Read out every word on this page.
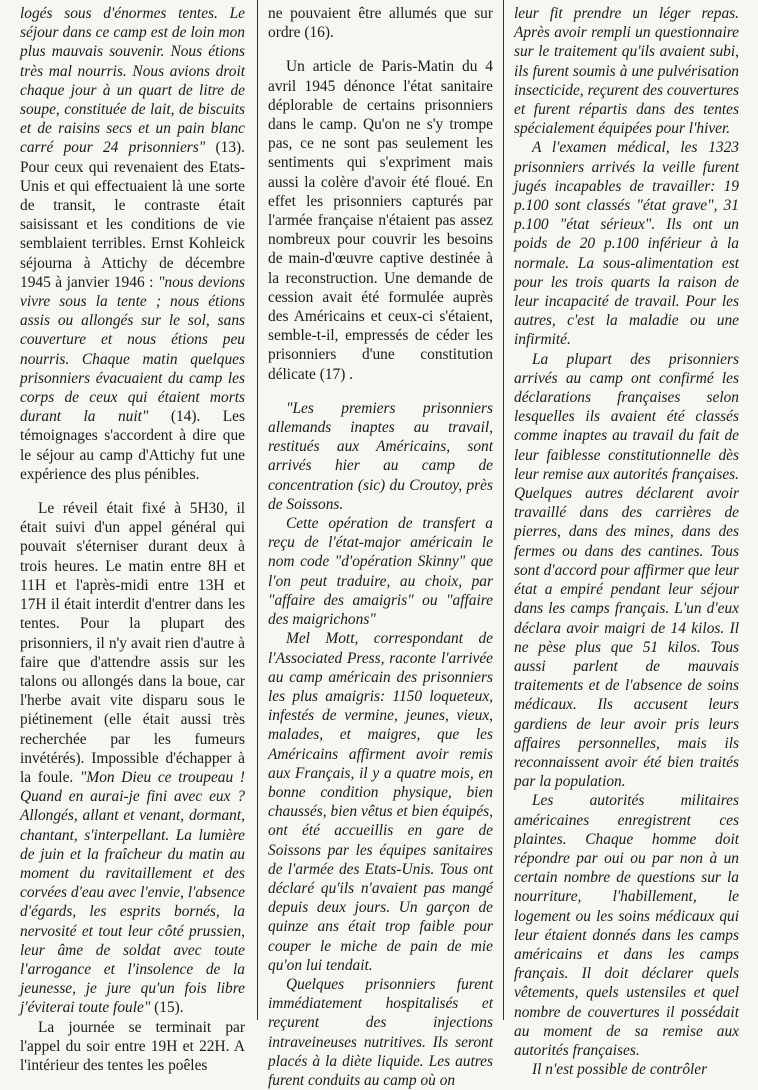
logés sous d'énormes tentes. Le séjour dans ce camp est de loin mon plus mauvais souvenir. Nous étions très mal nourris. Nous avions droit chaque jour à un quart de litre de soupe, constituée de lait, de biscuits et de raisins secs et un pain blanc carré pour 24 prisonniers" (13). Pour ceux qui revenaient des Etats-Unis et qui effectuaient là une sorte de transit, le contraste était saisissant et les conditions de vie semblaient terribles. Ernst Kohleick séjourna à Attichy de décembre 1945 à janvier 1946 : "nous devions vivre sous la tente ; nous étions assis ou allongés sur le sol, sans couverture et nous étions peu nourris. Chaque matin quelques prisonniers évacuaient du camp les corps de ceux qui étaient morts durant la nuit" (14). Les témoignages s'accordent à dire que le séjour au camp d'Attichy fut une expérience des plus pénibles.

Le réveil était fixé à 5H30, il était suivi d'un appel général qui pouvait s'éterniser durant deux à trois heures. Le matin entre 8H et 11H et l'après-midi entre 13H et 17H il était interdit d'entrer dans les tentes. Pour la plupart des prisonniers, il n'y avait rien d'autre à faire que d'attendre assis sur les talons ou allongés dans la boue, car l'herbe avait vite disparu sous le piétinement (elle était aussi très recherchée par les fumeurs invétérés). Impossible d'échapper à la foule. "Mon Dieu ce troupeau ! Quand en aurai-je fini avec eux ? Allongés, allant et venant, dormant, chantant, s'interpellant. La lumière de juin et la fraîcheur du matin au moment du ravitaillement et des corvées d'eau avec l'envie, l'absence d'égards, les esprits bornés, la nervosité et tout leur côté prussien, leur âme de soldat avec toute l'arrogance et l'insolence de la jeunesse, je jure qu'un fois libre j'éviterai toute foule" (15).

La journée se terminait par l'appel du soir entre 19H et 22H. A l'intérieur des tentes les poêles

ne pouvaient être allumés que sur ordre (16).

Un article de Paris-Matin du 4 avril 1945 dénonce l'état sanitaire déplorable de certains prisonniers dans le camp. Qu'on ne s'y trompe pas, ce ne sont pas seulement les sentiments qui s'expriment mais aussi la colère d'avoir été floué. En effet les prisonniers capturés par l'armée française n'étaient pas assez nombreux pour couvrir les besoins de main-d'œuvre captive destinée à la reconstruction. Une demande de cession avait été formulée auprès des Américains et ceux-ci s'étaient, semble-t-il, empressés de céder les prisonniers d'une constitution délicate (17) .

"Les premiers prisonniers allemands inaptes au travail, restitués aux Américains, sont arrivés hier au camp de concentration (sic) du Croutoy, près de Soissons.

Cette opération de transfert a reçu de l'état-major américain le nom code "d'opération Skinny" que l'on peut traduire, au choix, par "affaire des amaigris" ou "affaire des maigrichons"

Mel Mott, correspondant de l'Associated Press, raconte l'arrivée au camp américain des prisonniers les plus amaigris: 1150 loqueteux, infestés de vermine, jeunes, vieux, malades, et maigres, que les Américains affirment avoir remis aux Français, il y a quatre mois, en bonne condition physique, bien chaussés, bien vêtus et bien équipés, ont été accueillis en gare de Soissons par les équipes sanitaires de l'armée des Etats-Unis. Tous ont déclaré qu'ils n'avaient pas mangé depuis deux jours. Un garçon de quinze ans était trop faible pour couper le miche de pain de mie qu'on lui tendait.

Quelques prisonniers furent immédiatement hospitalisés et reçurent des injections intraveineuses nutritives. Ils seront placés à la diète liquide. Les autres furent conduits au camp où on

leur fit prendre un léger repas. Après avoir rempli un questionnaire sur le traitement qu'ils avaient subi, ils furent soumis à une pulvérisation insecticide, reçurent des couvertures et furent répartis dans des tentes spécialement équipées pour l'hiver.

A l'examen médical, les 1323 prisonniers arrivés la veille furent jugés incapables de travailler: 19 p.100 sont classés "état grave", 31 p.100 "état sérieux". Ils ont un poids de 20 p.100 inférieur à la normale. La sous-alimentation est pour les trois quarts la raison de leur incapacité de travail. Pour les autres, c'est la maladie ou une infirmité.

La plupart des prisonniers arrivés au camp ont confirmé les déclarations françaises selon lesquelles ils avaient été classés comme inaptes au travail du fait de leur faiblesse constitutionnelle dès leur remise aux autorités françaises. Quelques autres déclarent avoir travaillé dans des carrières de pierres, dans des mines, dans des fermes ou dans des cantines. Tous sont d'accord pour affirmer que leur état a empiré pendant leur séjour dans les camps français. L'un d'eux déclara avoir maigri de 14 kilos. Il ne pèse plus que 51 kilos. Tous aussi parlent de mauvais traitements et de l'absence de soins médicaux. Ils accusent leurs gardiens de leur avoir pris leurs affaires personnelles, mais ils reconnaissent avoir été bien traités par la population.

Les autorités militaires américaines enregistrent ces plaintes. Chaque homme doit répondre par oui ou par non à un certain nombre de questions sur la nourriture, l'habillement, le logement ou les soins médicaux qui leur étaient donnés dans les camps américains et dans les camps français. Il doit déclarer quels vêtements, quels ustensiles et quel nombre de couvertures il possédait au moment de sa remise aux autorités françaises.

Il n'est possible de contrôler
